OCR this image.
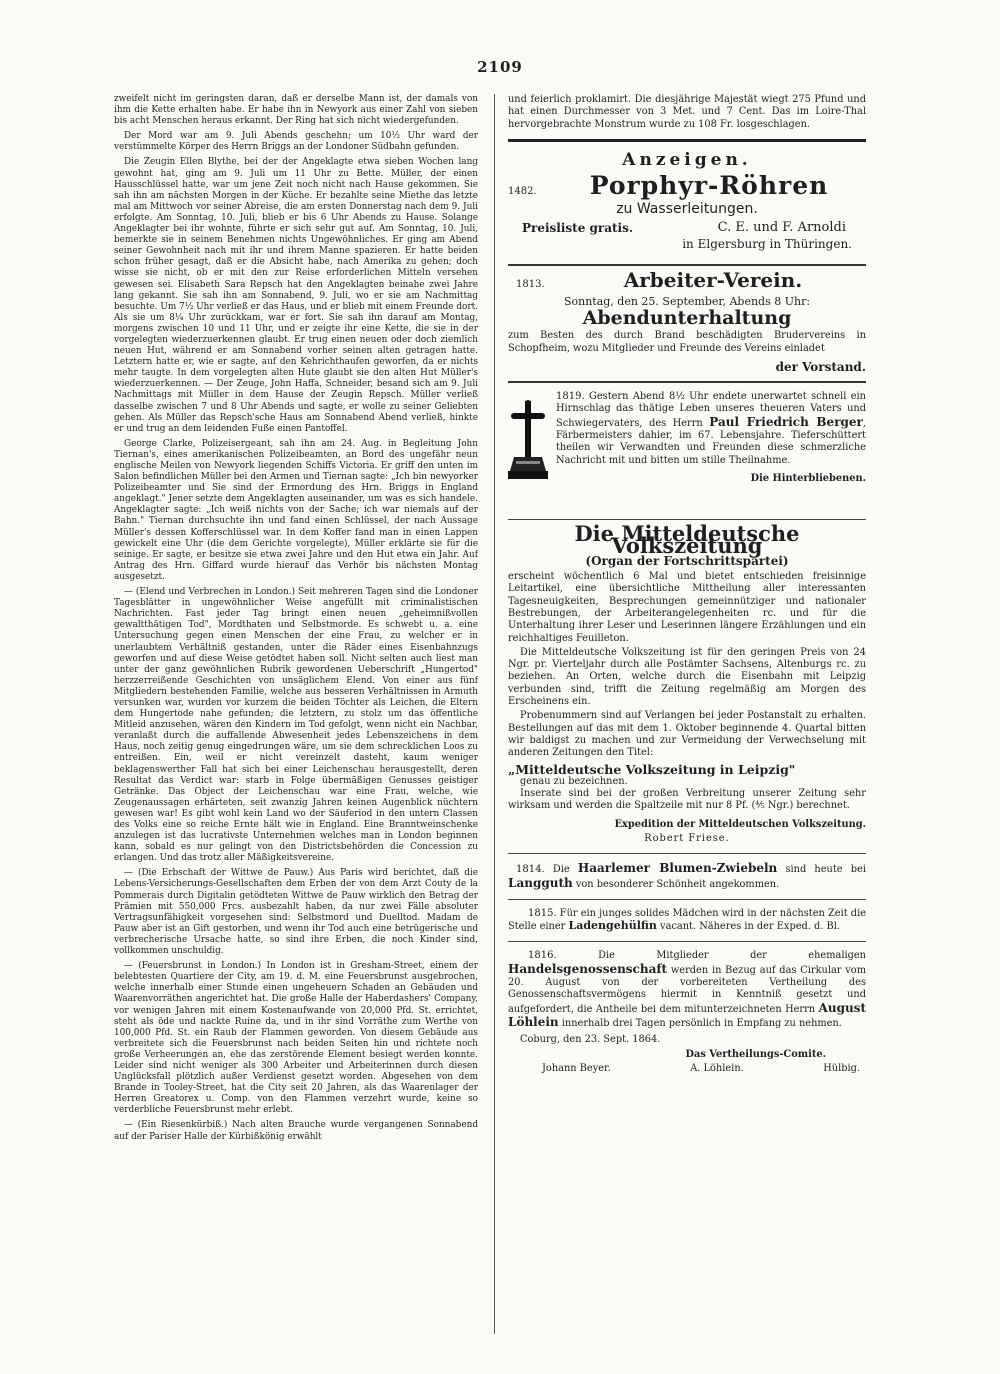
2109

zweifelt nicht im geringsten daran, daß er derselbe Mann ist, der damals von ihm die Kette erhalten habe. Er habe ihn in Newyork aus einer Zahl von sieben bis acht Menschen heraus erkannt. Der Ring hat sich nicht wiedergefunden.

Der Mord war am 9. Juli Abends geschehn; um 10½ Uhr ward der verstümmelte Körper des Herrn Briggs an der Londoner Südbahn gefunden.

Die Zeugin Ellen Blythe, bei der der Angeklagte etwa sieben Wochen lang gewohnt hat, ging am 9. Juli um 11 Uhr zu Bette. Müller, der einen Hausschlüssel hatte, war um jene Zeit noch nicht nach Hause gekommen. Sie sah ihn am nächsten Morgen in der Küche. Er bezahlte seine Miethe das letzte mal am Mittwoch vor seiner Abreise, die am ersten Donnerstag nach dem 9. Juli erfolgte. Am Sonntag, 10. Juli, blieb er bis 6 Uhr Abends zu Hause. Solange Angeklagter bei ihr wohnte, führte er sich sehr gut auf. Am Sonntag, 10. Juli, bemerkte sie in seinem Benehmen nichts Ungewöhnliches. Er ging am Abend seiner Gewohnheit nach mit ihr und ihrem Manne spazieren. Er hatte beiden schon früher gesagt, daß er die Absicht habe, nach Amerika zu gehen; doch wisse sie nicht, ob er mit den zur Reise erforderlichen Mitteln versehen gewesen sei. Elisabeth Sara Repsch hat den Angeklagten beinahe zwei Jahre lang gekannt. Sie sah ihn am Sonnabend, 9. Juli, wo er sie am Nachmittag besuchte. Um 7½ Uhr verließ er das Haus, und er blieb mit einem Freunde dort. Als sie um 8¼ Uhr zurückkam, war er fort. Sie sah ihn darauf am Montag, morgens zwischen 10 und 11 Uhr, und er zeigte ihr eine Kette, die sie in der vorgelegten wiederzuerkennen glaubt. Er trug einen neuen oder doch ziemlich neuen Hut, während er am Sonnabend vorher seinen alten getragen hatte. Letztern hatte er, wie er sagte, auf den Kehrichthaufen geworfen, da er nichts mehr taugte. In dem vorgelegten alten Hute glaubt sie den alten Hut Müller's wiederzuerkennen. — Der Zeuge, John Haffa, Schneider, besand sich am 9. Juli Nachmittags mit Müller in dem Hause der Zeugin Repsch. Müller verließ dasselbe zwischen 7 und 8 Uhr Abends und sagte, er wolle zu seiner Geliebten gehen. Als Müller das Repsch'sche Haus am Sonnabend Abend verließ, hinkte er und trug an dem leidenden Fuße einen Pantoffel.

George Clarke, Polizeisergeant, sah ihn am 24. Aug. in Begleitung John Tiernan's, eines amerikanischen Polizeibeamten, an Bord des ungefähr neun englische Meilen von Newyork liegenden Schiffs Victoria. Er griff den unten im Salon befindlichen Müller bei den Armen und Tiernan sagte: „Ich bin newyorker Polizeibeamter und Sie sind der Ermordung des Hrn. Briggs in England angeklagt." Jener setzte dem Angeklagten auseinander, um was es sich handele. Angeklagter sagte: „Ich weiß nichts von der Sache; ich war niemals auf der Bahn." Tiernan durchsuchte ihn und fand einen Schlüssel, der nach Aussage Müller's dessen Kofferschlüssel war. In dem Koffer fand man in einen Lappen gewickelt eine Uhr (die dem Gerichte vorgelegte), Müller erklärte sie für die seinige. Er sagte, er besitze sie etwa zwei Jahre und den Hut etwa ein Jahr. Auf Antrag des Hrn. Giffard wurde hierauf das Verhör bis nächsten Montag ausgesetzt.

— (Elend und Verbrechen in London.) Seit mehreren Tagen sind die Londoner Tagesblätter in ungewöhnlicher Weise angefüllt mit criminalistischen Nachrichten. Fast jeder Tag bringt einen neuen „geheimnißvollen gewaltthätigen Tod", Mordthaten und Selbstmorde. Es schwebt u. a. eine Untersuchung gegen einen Menschen der eine Frau, zu welcher er in unerlaubtem Verhältniß gestanden, unter die Räder eines Eisenbahnzugs geworfen und auf diese Weise getödtet haben soll. Nicht selten auch liest man unter der ganz gewöhnlichen Rubrik gewordenen Ueberschrift „Hungertod" herzzerreißende Geschichten von unsäglichem Elend. Von einer aus fünf Mitgliedern bestehenden Familie, welche aus besseren Verhältnissen in Armuth versunken war, wurden vor kurzem die beiden Töchter als Leichen, die Eltern dem Hungertode nahe gefunden; die letztern, zu stolz um das öffentliche Mitleid anzusehen, wären den Kindern im Tod gefolgt, wenn nicht ein Nachbar, veranlaßt durch die auffallende Abwesenheit jedes Lebenszeichens in dem Haus, noch zeitig genug eingedrungen wäre, um sie dem schrecklichen Loos zu entreißen. Ein, weil er nicht vereinzelt dasteht, kaum weniger beklagenswerther Fall hat sich bei einer Leichenschau herausgestellt, deren Resultat das Verdict war: starb in Folge übermäßigen Genusses geistiger Getränke. Das Object der Leichenschau war eine Frau, welche, wie Zeugenaussagen erhärteten, seit zwanzig Jahren keinen Augenblick nüchtern gewesen war! Es gibt wohl kein Land wo der Säuferiod in den untern Classen des Volks eine so reiche Ernte hält wie in England. Eine Branntweinschenke anzulegen ist das lucrativste Unternehmen welches man in London beginnen kann, sobald es nur gelingt von den Districtsbehörden die Concession zu erlangen. Und das trotz aller Mäßigkeitsvereine.

— (Die Erbschaft der Wittwe de Pauw.) Aus Paris wird berichtet, daß die Lebens-Versicherungs-Gesellschaften dem Erben der von dem Arzt Couty de la Pommerais durch Digitalin getödteten Wittwe de Pauw wirklich den Betrag der Prämien mit 550,000 Frcs. ausbezahlt haben, da nur zwei Fälle absoluter Vertragsunfähigkeit vorgesehen sind: Selbstmord und Duelltod. Madam de Pauw aber ist an Gift gestorben, und wenn ihr Tod auch eine betrügerische und verbrecherische Ursache hatte, so sind ihre Erben, die noch Kinder sind, vollkommen unschuldig.

— (Feuersbrunst in London.) In London ist in Gresham-Street, einem der belebtesten Quartiere der City, am 19. d. M. eine Feuersbrunst ausgebrochen, welche innerhalb einer Stunde einen ungeheuern Schaden an Gebäuden und Waarenvorräthen angerichtet hat. Die große Halle der Haberdashers' Company, vor wenigen Jahren mit einem Kostenaufwande von 20,000 Pfd. St. errichtet, steht als öde und nackte Ruine da, und in ihr sind Vorräthe zum Werthe von 100,000 Pfd. St. ein Raub der Flammen geworden. Von diesem Gebäude aus verbreitete sich die Feuersbrunst nach beiden Seiten hin und richtete noch große Verheerungen an, ehe das zerstörende Element besiegt werden konnte. Leider sind nicht weniger als 300 Arbeiter und Arbeiterinnen durch diesen Unglücksfall plötzlich außer Verdienst gesetzt worden. Abgesehen von dem Brande in Tooley-Street, hat die City seit 20 Jahren, als das Waarenlager der Herren Greatorex u. Comp. von den Flammen verzehrt wurde, keine so verderbliche Feuersbrunst mehr erlebt.

— (Ein Riesenkürbiß.) Nach alten Brauche wurde vergangenen Sonnabend auf der Pariser Halle der Kürbißkönig erwählt

und feierlich proklamirt. Die diesjährige Majestät wiegt 275 Pfund und hat einen Durchmesser von 3 Met. und 7 Cent. Das im Loire-Thal hervorgebrachte Monstrum wurde zu 108 Fr. losgeschlagen.
Anzeigen.
1482.	Porphyr-Röhren
zu Wasserleitungen.
Preisliste gratis.	C. E. und F. Arnoldi
in Elgersburg in Thüringen.
1813.	Arbeiter-Verein.
Sonntag, den 25. September, Abends 8 Uhr:
Abendunterhaltung
zum Besten des durch Brand beschädigten Brudervereins in Schopfheim, wozu Mitglieder und Freunde des Vereins einladet
der Vorstand.
1819. Gestern Abend 8½ Uhr endete unerwartet schnell ein Hirnschlag das thätige Leben unseres theueren Vaters und Schwiegervaters, des Herrn Paul Friedrich Berger, Färbermeisters dahier, im 67. Lebensjahre. Tieferschüttert theilen wir Verwandten und Freunden diese schmerzliche Nachricht mit und bitten um stille Theilnahme.
Die Hinterbliebenen.
Die Mitteldeutsche Volkszeitung
(Organ der Fortschrittspartei)
erscheint wöchentlich 6 Mal und bietet entschieden freisinnige Leitartikel, eine übersichtliche Mittheilung aller interessanten Tagesneuigkeiten, Besprechungen gemeinnütziger und nationaler Bestrebungen, der Arbeiterangelegenheiten rc. und für die Unterhaltung ihrer Leser und Leserinnen längere Erzählungen und ein reichhaltiges Feuilleton.
Die Mitteldeutsche Volkszeitung ist für den geringen Preis von 24 Ngr. pr. Vierteljahr durch alle Postämter Sachsens, Altenburgs rc. zu beziehen. An Orten, welche durch die Eisenbahn mit Leipzig verbunden sind, trifft die Zeitung regelmäßig am Morgen des Erscheinens ein.
Probenummern sind auf Verlangen bei jeder Postanstalt zu erhalten. Bestellungen auf das mit dem 1. Oktober beginnende 4. Quartal bitten wir baldigst zu machen und zur Vermeidung der Verwechselung mit anderen Zeitungen den Titel:
„Mitteldeutsche Volkszeitung in Leipzig"
genau zu bezeichnen.
Inserate sind bei der großen Verbreitung unserer Zeitung sehr wirksam und werden die Spaltzeile mit nur 8 Pf. (⅘ Ngr.) berechnet.
Expedition der Mitteldeutschen Volkszeitung.
Robert Friese.
1814. Die Haarlemer Blumen-Zwiebeln sind heute bei Langguth von besonderer Schönheit angekommen.
1815. Für ein junges solides Mädchen wird in der nächsten Zeit die Stelle einer Ladengehülfin vacant. Näheres in der Exped. d. Bl.
1816.	Die Mitglieder der ehemaligen Handelsgenossenschaft werden in Bezug auf das Cirkular vom 20. August von der vorbereiteten Vertheilung des Genossenschaftsvermögens hiermit in Kenntniß gesetzt und aufgefordert, die Antheile bei dem mitunterzeichneten Herrn August Löhlein innerhalb drei Tagen persönlich in Empfang zu nehmen.
Coburg, den 23. Sept. 1864.
Das Vertheilungs-Comite.
Johann Beyer.	A. Löhlein.	Hülbig.
